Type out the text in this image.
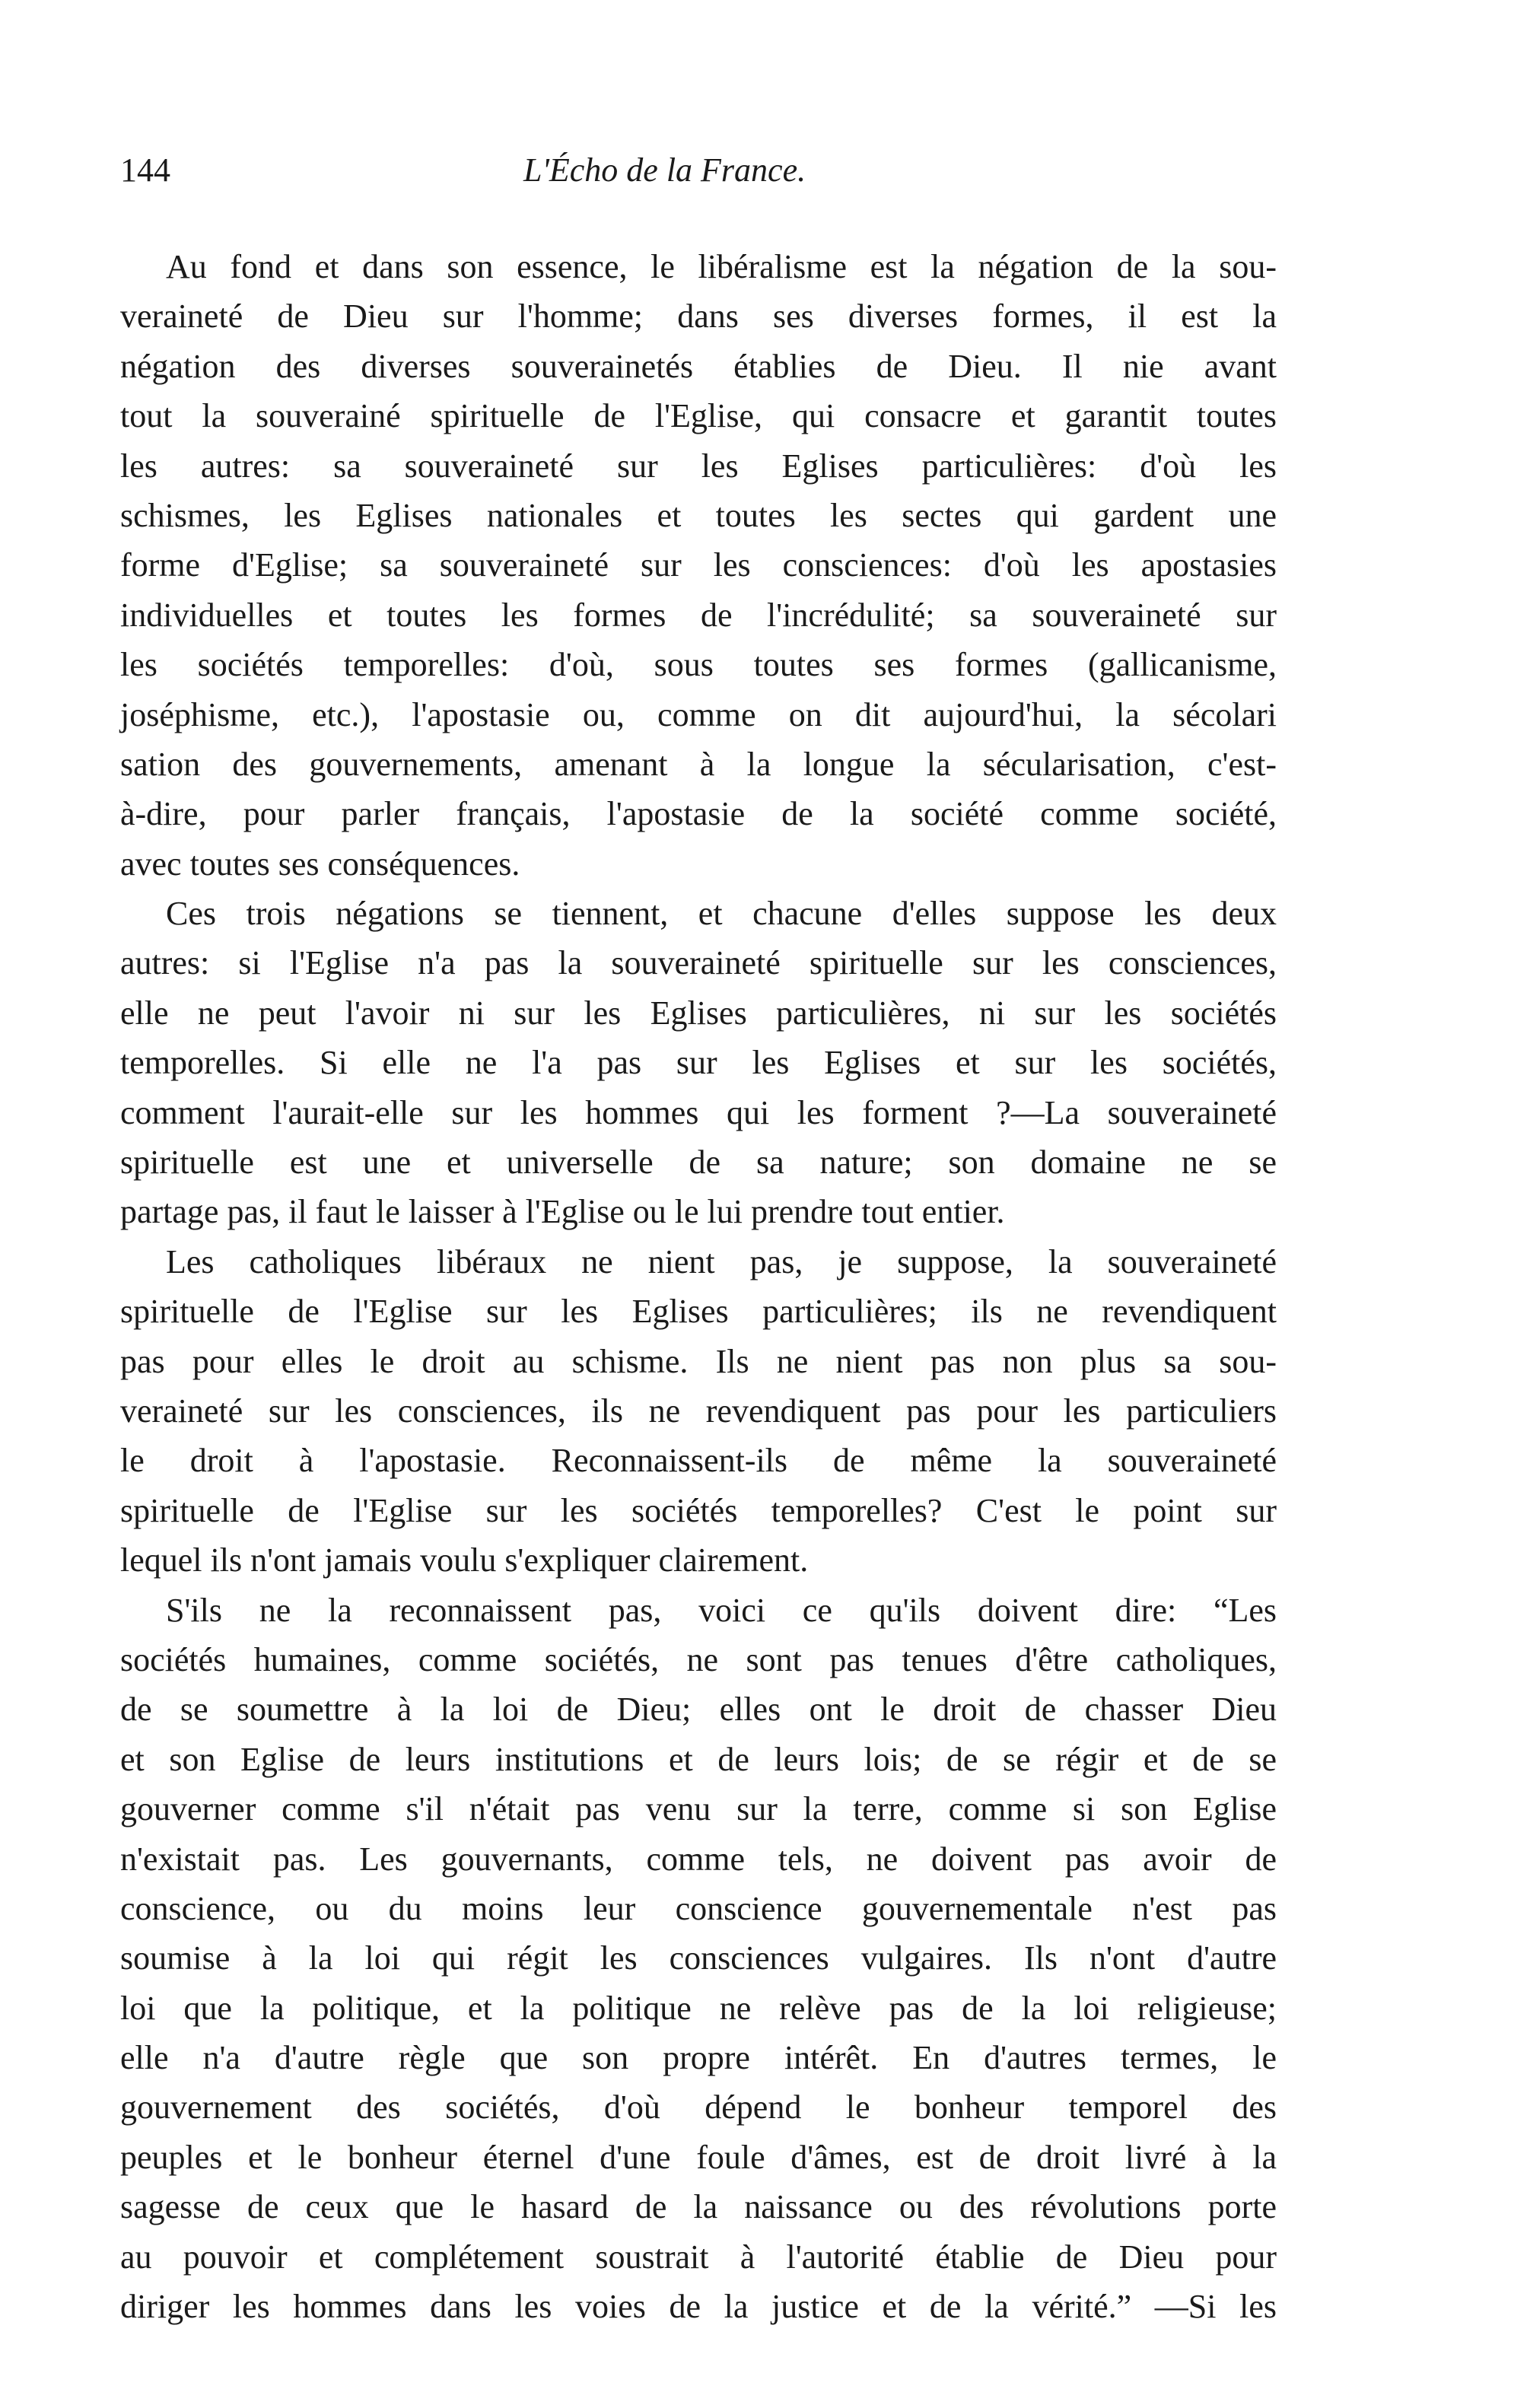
144	L'Écho de la France.
Au fond et dans son essence, le libéralisme est la négation de la sou-
veraineté de Dieu sur l'homme; dans ses diverses formes, il est la
négation des diverses souverainetés établies de Dieu. Il nie avant
tout la souverainé spirituelle de l'Eglise, qui consacre et garantit toutes
les autres: sa souveraineté sur les Eglises particulières: d'où les
schismes, les Eglises nationales et toutes les sectes qui gardent une
forme d'Eglise; sa souveraineté sur les consciences: d'où les apostasies
individuelles et toutes les formes de l'incrédulité; sa souveraineté sur
les sociétés temporelles: d'où, sous toutes ses formes (gallicanisme,
joséphisme, etc.), l'apostasie ou, comme on dit aujourd'hui, la sécolari
sation des gouvernements, amenant à la longue la sécularisation, c'est-
à-dire, pour parler français, l'apostasie de la société comme société,
avec toutes ses conséquences.
Ces trois négations se tiennent, et chacune d'elles suppose les deux
autres: si l'Eglise n'a pas la souveraineté spirituelle sur les consciences,
elle ne peut l'avoir ni sur les Eglises particulières, ni sur les sociétés
temporelles. Si elle ne l'a pas sur les Eglises et sur les sociétés,
comment l'aurait-elle sur les hommes qui les forment ?—La souveraineté
spirituelle est une et universelle de sa nature; son domaine ne se
partage pas, il faut le laisser à l'Eglise ou le lui prendre tout entier.
Les catholiques libéraux ne nient pas, je suppose, la souveraineté
spirituelle de l'Eglise sur les Eglises particulières; ils ne revendiquent
pas pour elles le droit au schisme. Ils ne nient pas non plus sa sou-
veraineté sur les consciences, ils ne revendiquent pas pour les particuliers
le droit à l'apostasie. Reconnaissent-ils de même la souveraineté
spirituelle de l'Eglise sur les sociétés temporelles? C'est le point sur
lequel ils n'ont jamais voulu s'expliquer clairement.
S'ils ne la reconnaissent pas, voici ce qu'ils doivent dire: “Les
sociétés humaines, comme sociétés, ne sont pas tenues d'être catholiques,
de se soumettre à la loi de Dieu; elles ont le droit de chasser Dieu
et son Eglise de leurs institutions et de leurs lois; de se régir et de se
gouverner comme s'il n'était pas venu sur la terre, comme si son Eglise
n'existait pas. Les gouvernants, comme tels, ne doivent pas avoir de
conscience, ou du moins leur conscience gouvernementale n'est pas
soumise à la loi qui régit les consciences vulgaires. Ils n'ont d'autre
loi que la politique, et la politique ne relève pas de la loi religieuse;
elle n'a d'autre règle que son propre intérêt. En d'autres termes, le
gouvernement des sociétés, d'où dépend le bonheur temporel des
peuples et le bonheur éternel d'une foule d'âmes, est de droit livré à la
sagesse de ceux que le hasard de la naissance ou des révolutions porte
au pouvoir et complétement soustrait à l'autorité établie de Dieu pour
diriger les hommes dans les voies de la justice et de la vérité.” —Si les
